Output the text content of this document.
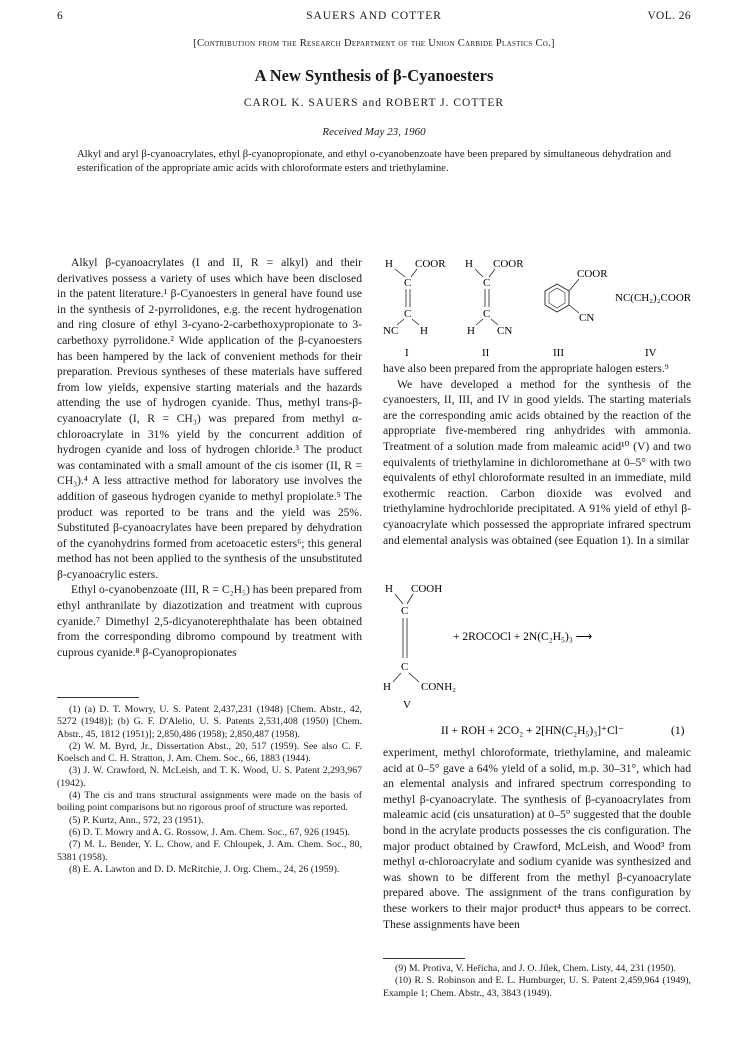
6	SAUERS AND COTTER	VOL. 26
[Contribution from the Research Department of the Union Carbide Plastics Co.]
A New Synthesis of β-Cyanoesters
CAROL K. SAUERS and ROBERT J. COTTER
Received May 23, 1960
Alkyl and aryl β-cyanoacrylates, ethyl β-cyanopropionate, and ethyl o-cyanobenzoate have been prepared by simultaneous dehydration and esterification of the appropriate amic acids with chloroformate esters and triethylamine.

Alkyl β-cyanoacrylates (I and II, R = alkyl) and their derivatives possess a variety of uses which have been disclosed in the patent literature.¹ β-Cyanoesters in general have found use in the synthesis of 2-pyrrolidones, e.g. the recent hydrogenation and ring closure of ethyl 3-cyano-2-carbethoxypropionate to 3-carbethoxy pyrrolidone.² Wide application of the β-cyanoesters has been hampered by the lack of convenient methods for their preparation. Previous syntheses of these materials have suffered from low yields, expensive starting materials and the hazards attending the use of hydrogen cyanide. Thus, methyl trans-β-cyanoacrylate (I, R = CH₃) was prepared from methyl α-chloroacrylate in 31% yield by the concurrent addition of hydrogen cyanide and loss of hydrogen chloride.³ The product was contaminated with a small amount of the cis isomer (II, R = CH₃).⁴ A less attractive method for laboratory use involves the addition of gaseous hydrogen cyanide to methyl propiolate.⁵ The product was reported to be trans and the yield was 25%. Substituted β-cyanoacrylates have been prepared by dehydration of the cyanohydrins formed from acetoacetic esters⁶; this general method has not been applied to the synthesis of the unsubstituted β-cyanoacrylic esters.

Ethyl o-cyanobenzoate (III, R = C₂H₅) has been prepared from ethyl anthranilate by diazotization and treatment with cuprous cyanide.⁷ Dimethyl 2,5-dicyanoterephthalate has been obtained from the corresponding dibromo compound by treatment with cuprous cyanide.⁸ β-Cyanopropionates

H COOR
C
C
NC H
I
H COOR
C
C
H CN
II
COOR
CN
III
NC(CH₂)₂COOR
IV

have also been prepared from the appropriate halogen esters.⁹

We have developed a method for the synthesis of the cyanoesters, II, III, and IV in good yields. The starting materials are the corresponding amic acids obtained by the reaction of the appropriate five-membered ring anhydrides with ammonia. Treatment of a solution made from maleamic acid¹⁰ (V) and two equivalents of triethylamine in dichloromethane at 0–5° with two equivalents of ethyl chloroformate resulted in an immediate, mild exothermic reaction. Carbon dioxide was evolved and triethylamine hydrochloride precipitated. A 91% yield of ethyl β-cyanoacrylate which possessed the appropriate infrared spectrum and elemental analysis was obtained (see Equation 1). In a similar

experiment, methyl chloroformate, triethylamine, and maleamic acid at 0–5° gave a 64% yield of a solid, m.p. 30–31°, which had an elemental analysis and infrared spectrum corresponding to methyl β-cyanoacrylate. The synthesis of β-cyanoacrylates from maleamic acid (cis unsaturation) at 0–5° suggested that the double bond in the acrylate products possesses the cis configuration. The major product obtained by Crawford, McLeish, and Wood³ from methyl α-chloroacrylate and sodium cyanide was synthesized and was shown to be different from the methyl β-cyanoacrylate prepared above. The assignment of the trans configuration by these workers to their major product⁴ thus appears to be correct. These assignments have been

H COOH
C
C
H	CONH₂
V
+ 2ROCOCl + 2N(C₂H₅)₃ ⟶
II + ROH + 2CO₂ + 2[HN(C₂H₅)₃]⁺Cl⁻	(1)

(1) (a) D. T. Mowry, U. S. Patent 2,437,231 (1948) [Chem. Abstr., 42, 5272 (1948)]; (b) G. F. D'Alelio, U. S. Patents 2,531,408 (1950) [Chem. Abstr., 45, 1812 (1951)]; 2,850,486 (1958); 2,850,487 (1958).

(2) W. M. Byrd, Jr., Dissertation Abst., 20, 517 (1959). See also C. F. Koelsch and C. H. Stratton, J. Am. Chem. Soc., 66, 1883 (1944).

(3) J. W. Crawford, N. McLeish, and T. K. Wood, U. S. Patent 2,293,967 (1942).

(4) The cis and trans structural assignments were made on the basis of boiling point comparisons but no rigorous proof of structure was reported.

(5) P. Kurtz, Ann., 572, 23 (1951).

(6) D. T. Mowry and A. G. Rossow, J. Am. Chem. Soc., 67, 926 (1945).

(7) M. L. Bender, Y. L. Chow, and F. Chloupek, J. Am. Chem. Soc., 80, 5381 (1958).

(8) E. A. Lawton and D. D. McRitchie, J. Org. Chem., 24, 26 (1959).

(9) M. Protiva, V. Heřicha, and J. O. Jílek, Chem. Listy, 44, 231 (1950).

(10) R. S. Robinson and E. L. Humburger, U. S. Patent 2,459,964 (1949), Example 1; Chem. Abstr., 43, 3843 (1949).
